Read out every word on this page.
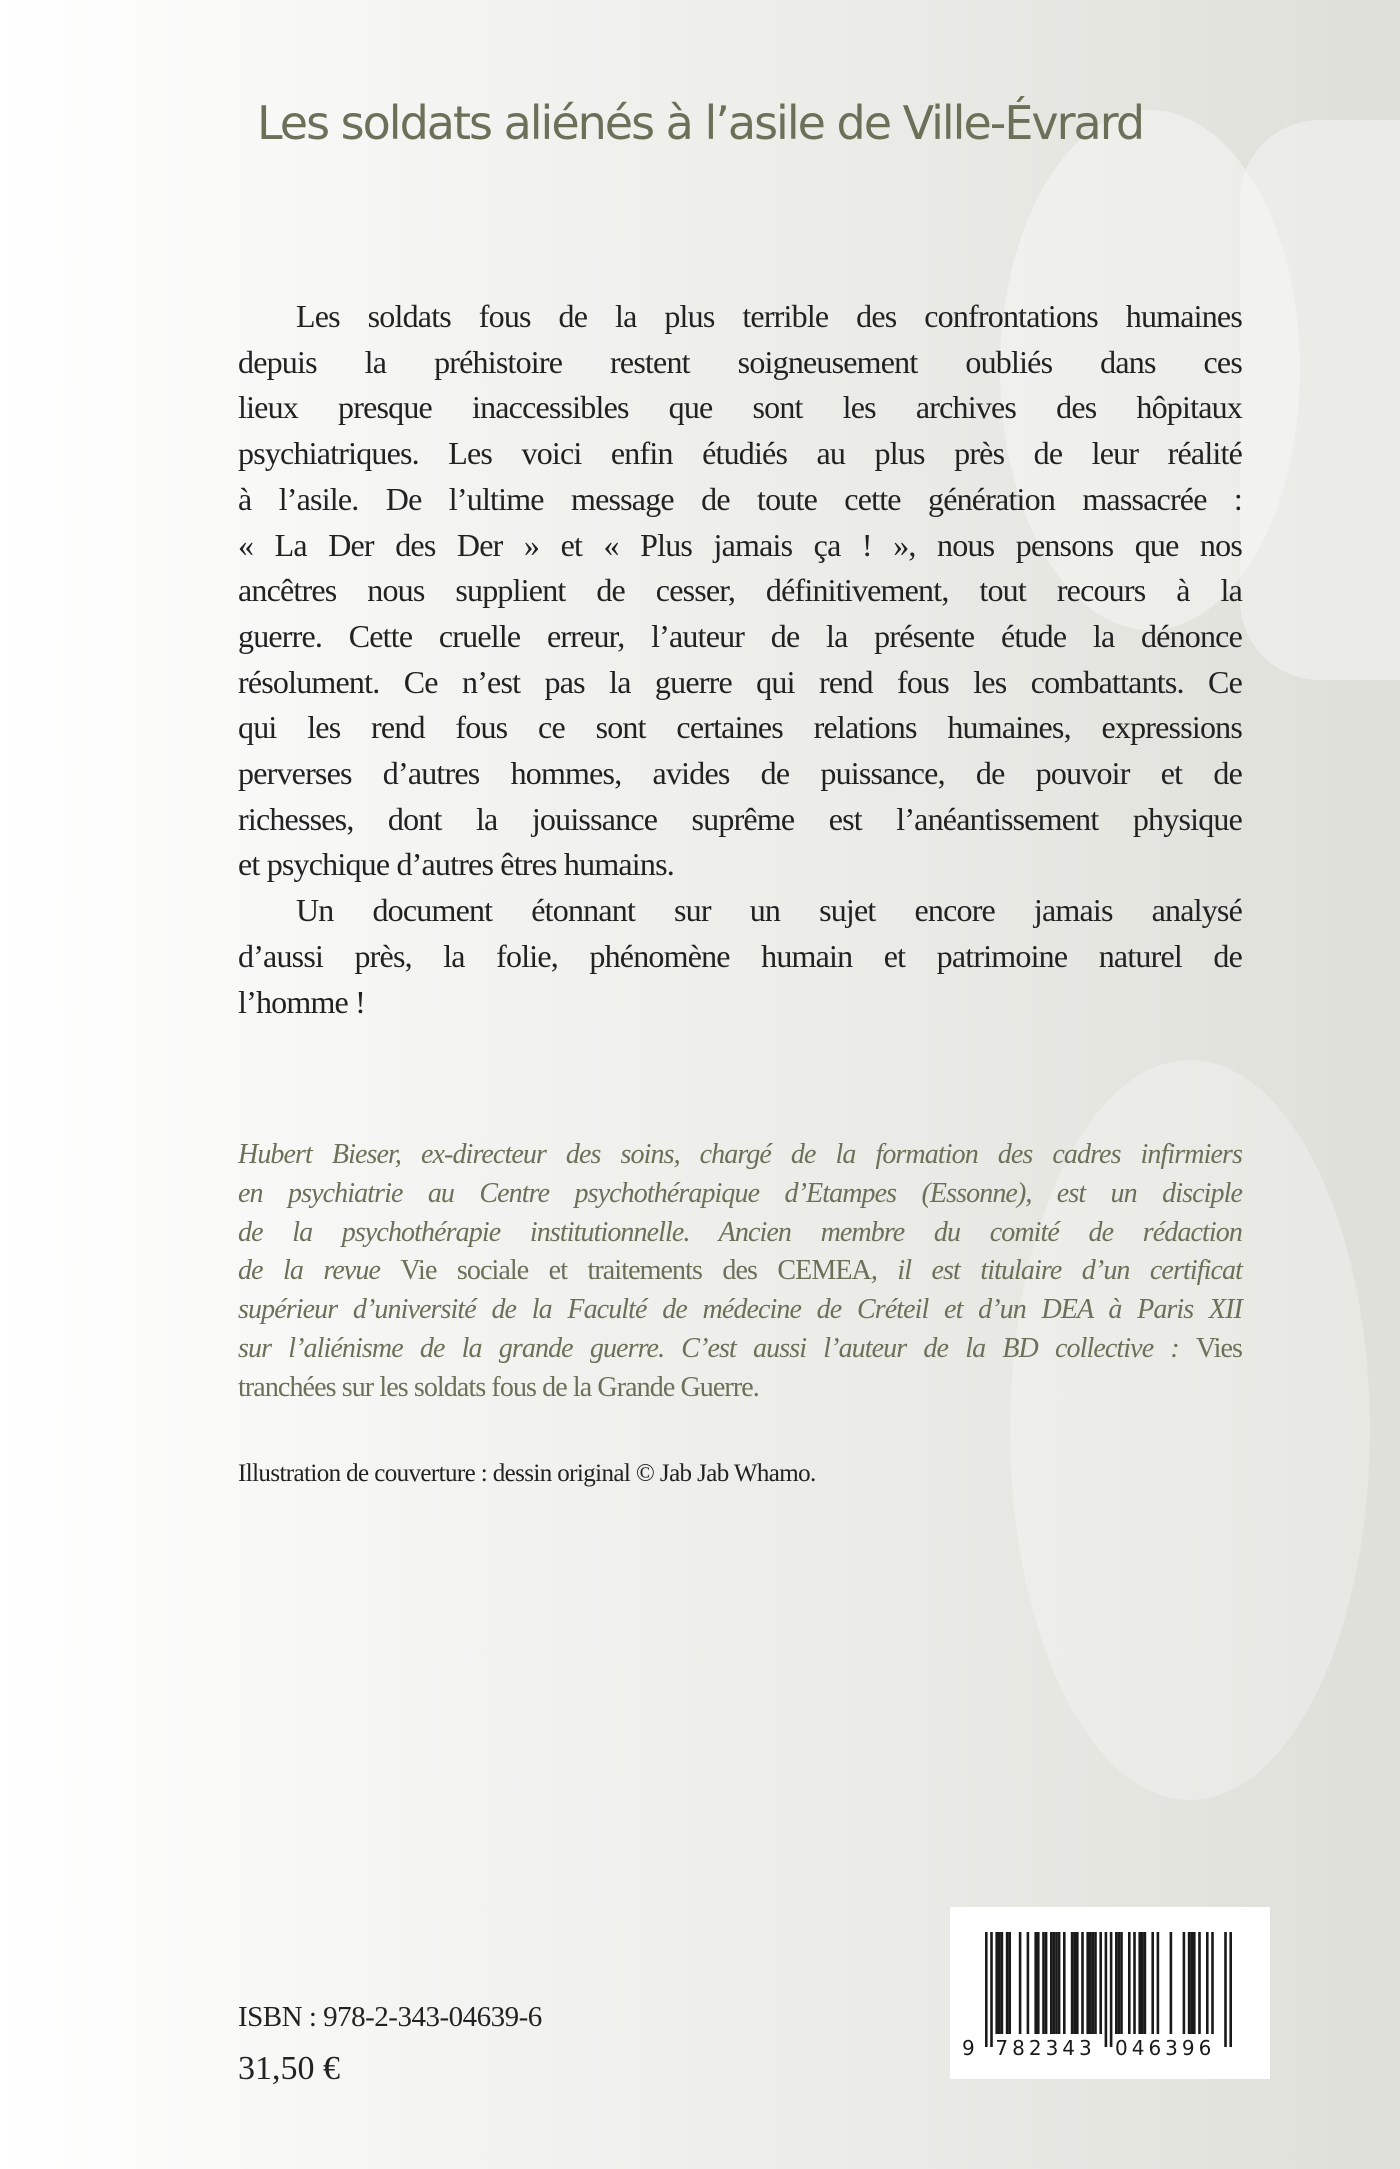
Les soldats aliénés à l’asile de Ville-Évrard
Les soldats fous de la plus terrible des confrontations humaines
depuis la préhistoire restent soigneusement oubliés dans ces
lieux presque inaccessibles que sont les archives des hôpitaux
psychiatriques. Les voici enfin étudiés au plus près de leur réalité
à l’asile. De l’ultime message de toute cette génération massacrée :
« La Der des Der » et « Plus jamais ça ! », nous pensons que nos
ancêtres nous supplient de cesser, définitivement, tout recours à la
guerre. Cette cruelle erreur, l’auteur de la présente étude la dénonce
résolument. Ce n’est pas la guerre qui rend fous les combattants. Ce
qui les rend fous ce sont certaines relations humaines, expressions
perverses d’autres hommes, avides de puissance, de pouvoir et de
richesses, dont la jouissance suprême est l’anéantissement physique
et psychique d’autres êtres humains.
Un document étonnant sur un sujet encore jamais analysé
d’aussi près, la folie, phénomène humain et patrimoine naturel de
l’homme !
Hubert Bieser, ex-directeur des soins, chargé de la formation des cadres infirmiers
en psychiatrie au Centre psychothérapique d’Etampes (Essonne), est un disciple
de la psychothérapie institutionnelle. Ancien membre du comité de rédaction
de la revue Vie sociale et traitements des CEMEA, il est titulaire d’un certificat
supérieur d’université de la Faculté de médecine de Créteil et d’un DEA à Paris XII
sur l’aliénisme de la grande guerre. C’est aussi l’auteur de la BD collective : Vies
tranchées sur les soldats fous de la Grande Guerre.
Illustration de couverture : dessin original © Jab Jab Whamo.
ISBN : 978-2-343-04639-6
31,50 €
9 782343 046396
